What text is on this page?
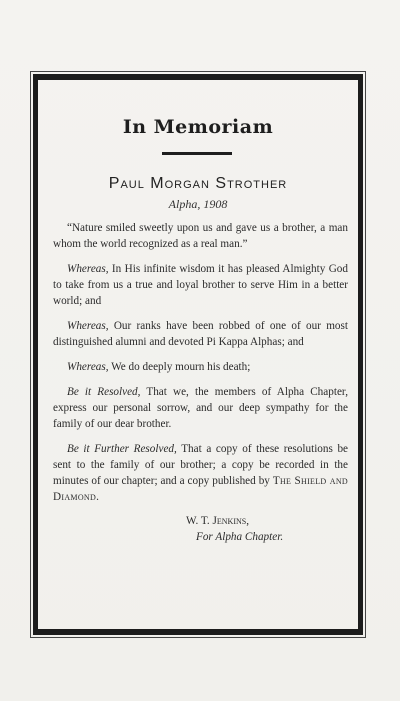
In Memoriam
Paul Morgan Strother
Alpha, 1908

“Nature smiled sweetly upon us and gave us a brother, a man whom the world recognized as a real man.”

Whereas, In His infinite wisdom it has pleased Almighty God to take from us a true and loyal brother to serve Him in a better world; and

Whereas, Our ranks have been robbed of one of our most distinguished alumni and devoted Pi Kappa Alphas; and

Whereas, We do deeply mourn his death;

Be it Resolved, That we, the members of Alpha Chapter, express our personal sorrow, and our deep sympathy for the family of our dear brother.

Be it Further Resolved, That a copy of these resolutions be sent to the family of our brother; a copy be recorded in the minutes of our chapter; and a copy published by The Shield and Diamond.

W. T. Jenkins,
For Alpha Chapter.
